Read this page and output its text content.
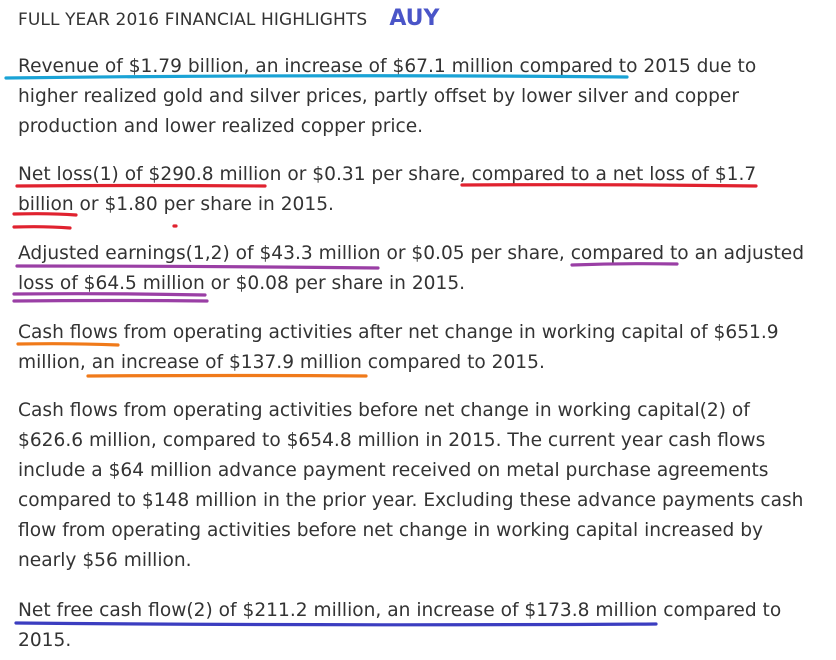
FULL YEAR 2016 FINANCIAL HIGHLIGHTS AUY
Revenue of $1.79 billion, an increase of $67.1 million compared to 2015 due to
higher realized gold and silver prices, partly offset by lower silver and copper
production and lower realized copper price.
Net loss(1) of $290.8 million or $0.31 per share, compared to a net loss of $1.7
billion or $1.80 per share in 2015.
Adjusted earnings(1,2) of $43.3 million or $0.05 per share, compared to an adjusted
loss of $64.5 million or $0.08 per share in 2015.
Cash flows from operating activities after net change in working capital of $651.9
million, an increase of $137.9 million compared to 2015.
Cash flows from operating activities before net change in working capital(2) of
$626.6 million, compared to $654.8 million in 2015. The current year cash flows
include a $64 million advance payment received on metal purchase agreements
compared to $148 million in the prior year. Excluding these advance payments cash
flow from operating activities before net change in working capital increased by
nearly $56 million.
Net free cash flow(2) of $211.2 million, an increase of $173.8 million compared to
2015.
